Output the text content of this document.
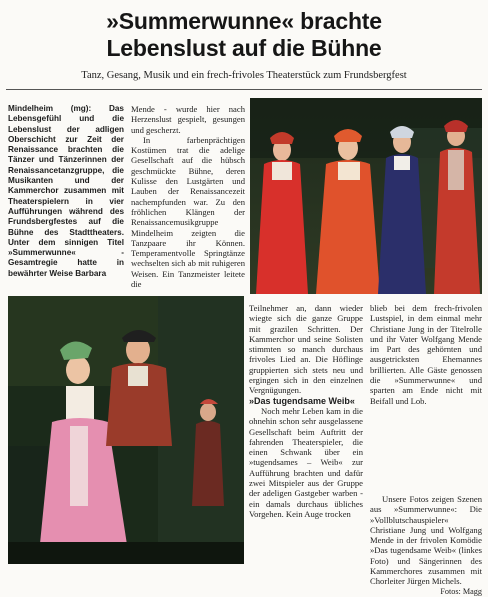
»Summerwunne« brachte
Lebenslust auf die Bühne
Tanz, Gesang, Musik und ein frech-frivoles Theaterstück zum Frundsbergfest

Mindelheim (mg): Das Lebensgefühl und die Lebenslust der adligen Oberschicht zur Zeit der Renaissance brachten die Tänzer und Tänzerinnen der Renaissancetanzgruppe, die Musikanten und der Kammerchor zusammen mit Theaterspielern in vier Aufführungen während des Frundsbergfestes auf die Bühne des Stadttheaters. Unter dem sinnigen Titel »Summerwunne« - Gesamtregie hatte in bewährter Weise Barbara

Mende - wurde hier nach Herzenslust gespielt, gesungen und gescherzt.

In farbenprächtigen Kostümen trat die adelige Gesellschaft auf die hübsch geschmückte Bühne, deren Kulisse den Lustgärten und Lauben der Renaissancezeit nachempfunden war. Zu den fröhlichen Klängen der Renaissancemusikgruppe Mindelheim zeigten die Tanzpaare ihr Können. Temperamentvolle Springtänze wechselten sich ab mit ruhigeren Weisen. Ein Tanzmeister leitete die

Teilnehmer an, dann wieder wiegte sich die ganze Gruppe mit grazilen Schritten. Der Kammerchor und seine Solisten stimmten so manch durchaus frivoles Lied an. Die Höflinge gruppierten sich stets neu und ergingen sich in den einzelnen Vergnügungen.

»Das tugendsame Weib«

Noch mehr Leben kam in die ohnehin schon sehr ausgelassene Gesellschaft beim Auftritt der fahrenden Theaterspieler, die einen Schwank über ein »tugendsames – Weib« zur Aufführung brachten und dafür zwei Mitspieler aus der Gruppe der adeligen Gastgeber warben - ein damals durchaus übliches Vorgehen. Kein Auge trocken

blieb bei dem frech-frivolen Lustspiel, in dem einmal mehr Christiane Jung in der Titelrolle und ihr Vater Wolfgang Mende im Part des gehörnten und ausgetricksten Ehemannes brillierten. Alle Gäste genossen die »Summerwunne« und sparten am Ende nicht mit Beifall und Lob.

Unsere Fotos zeigen Szenen aus »Summerwunne«: Die »Vollblutschauspieler« Christiane Jung und Wolfgang Mende in der frivolen Komödie »Das tugendsame Weib« (linkes Foto) und Sängerinnen des Kammerchores zusammen mit Chorleiter Jürgen Michels.

Fotos: Magg
